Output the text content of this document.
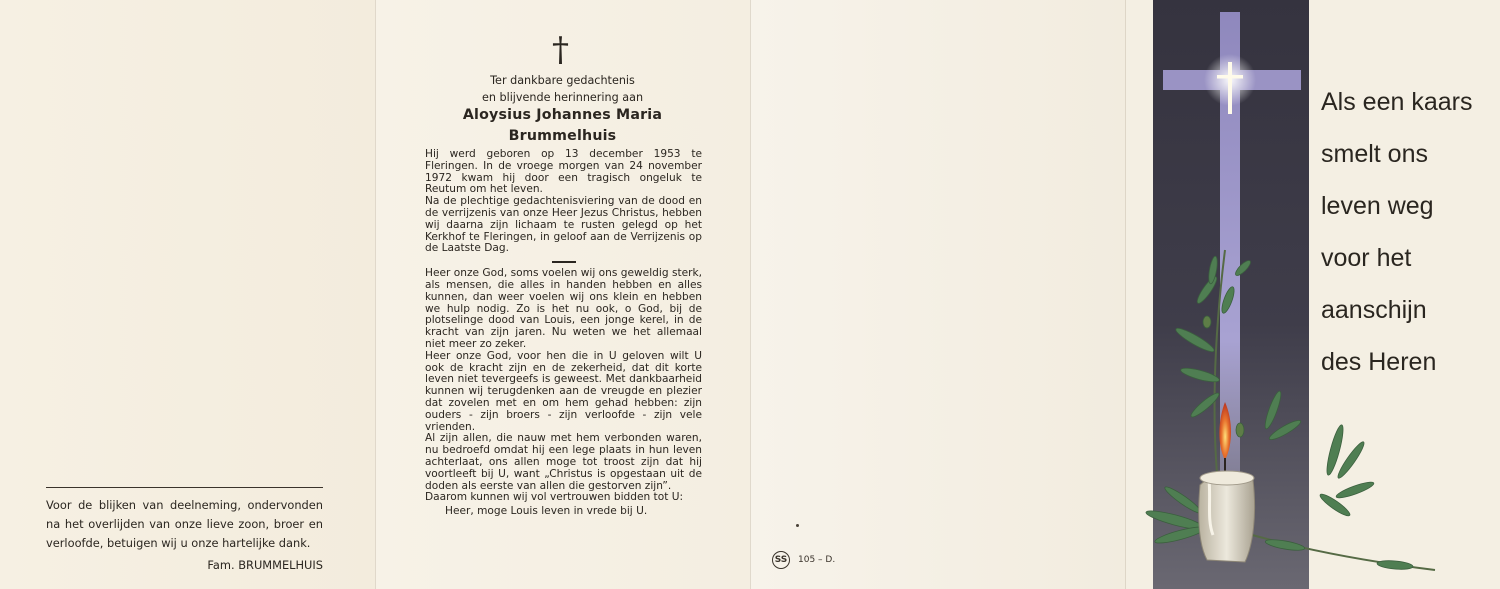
Voor de blijken van deelneming, ondervonden na het overlijden van onze lieve zoon, broer en verloofde, betuigen wij u onze hartelijke dank.

Fam. BRUMMELHUIS

†
Ter dankbare gedachtenis
en blijvende herinnering aan
Aloysius Johannes Maria
Brummelhuis

Hij werd geboren op 13 december 1953 te Fleringen. In de vroege morgen van 24 november 1972 kwam hij door een tragisch ongeluk te Reutum om het leven.

Na de plechtige gedachtenisviering van de dood en de verrijzenis van onze Heer Jezus Christus, hebben wij daarna zijn lichaam te rusten gelegd op het Kerkhof te Fleringen, in geloof aan de Verrijzenis op de Laatste Dag.

Heer onze God, soms voelen wij ons geweldig sterk, als mensen, die alles in handen hebben en alles kunnen, dan weer voelen wij ons klein en hebben we hulp nodig. Zo is het nu ook, o God, bij de plotselinge dood van Louis, een jonge kerel, in de kracht van zijn jaren. Nu weten we het allemaal niet meer zo zeker.

Heer onze God, voor hen die in U geloven wilt U ook de kracht zijn en de zekerheid, dat dit korte leven niet tevergeefs is geweest. Met dankbaarheid kunnen wij terugdenken aan de vreugde en plezier dat zovelen met en om hem gehad hebben: zijn ouders - zijn broers - zijn verloofde - zijn vele vrienden.

Al zijn allen, die nauw met hem verbonden waren, nu bedroefd omdat hij een lege plaats in hun leven achterlaat, ons allen moge tot troost zijn dat hij voortleeft bij U, want „Christus is opgestaan uit de doden als eerste van allen die gestorven zijn”.

Daarom kunnen wij vol vertrouwen bidden tot U:

Heer, moge Louis leven in vrede bij U.

SS	105 – D.
Als een kaars
smelt ons
leven weg
voor het
aanschijn
des Heren
